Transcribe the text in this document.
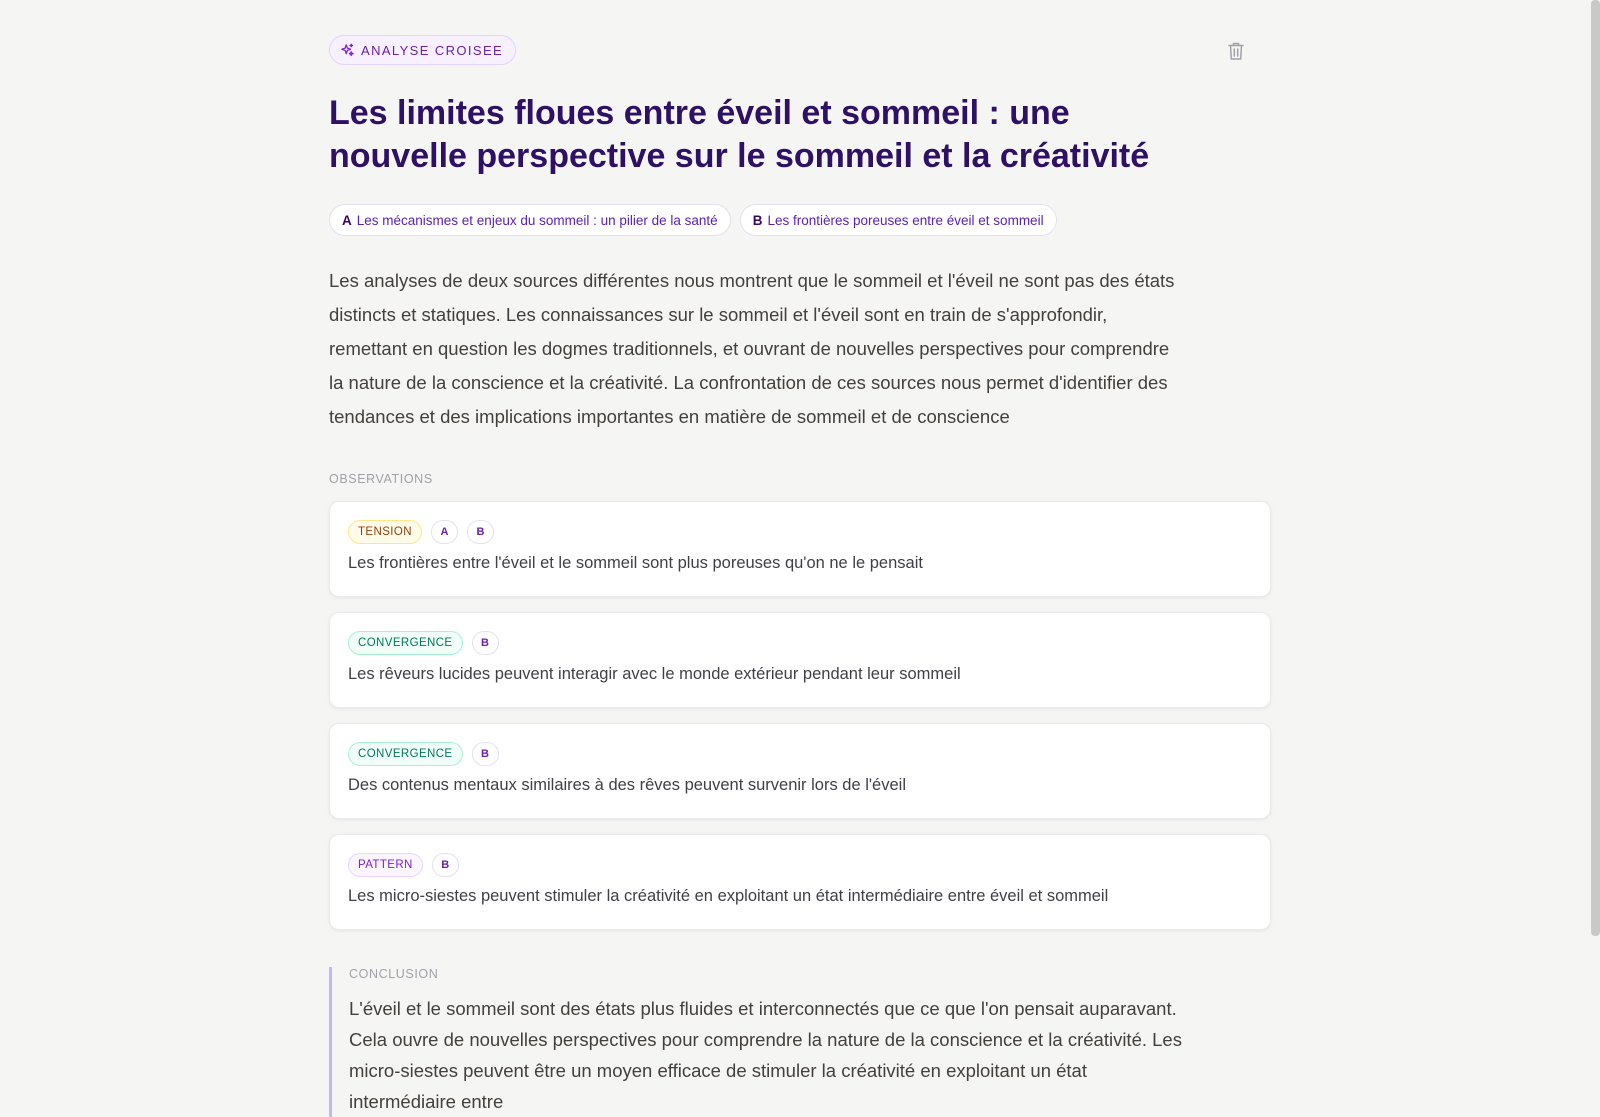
ANALYSE CROISEE
Les limites floues entre éveil et sommeil : une nouvelle perspective sur le sommeil et la créativité
A Les mécanismes et enjeux du sommeil : un pilier de la santé	B Les frontières poreuses entre éveil et sommeil
Les analyses de deux sources différentes nous montrent que le sommeil et l'éveil ne sont pas des états distincts et statiques. Les connaissances sur le sommeil et l'éveil sont en train de s'approfondir, remettant en question les dogmes traditionnels, et ouvrant de nouvelles perspectives pour comprendre la nature de la conscience et la créativité. La confrontation de ces sources nous permet d'identifier des tendances et des implications importantes en matière de sommeil et de conscience
OBSERVATIONS
TENSION	A	B
Les frontières entre l'éveil et le sommeil sont plus poreuses qu'on ne le pensait
CONVERGENCE	B
Les rêveurs lucides peuvent interagir avec le monde extérieur pendant leur sommeil
CONVERGENCE	B
Des contenus mentaux similaires à des rêves peuvent survenir lors de l'éveil
PATTERN	B
Les micro-siestes peuvent stimuler la créativité en exploitant un état intermédiaire entre éveil et sommeil
CONCLUSION
L'éveil et le sommeil sont des états plus fluides et interconnectés que ce que l'on pensait auparavant. Cela ouvre de nouvelles perspectives pour comprendre la nature de la conscience et la créativité. Les micro-siestes peuvent être un moyen efficace de stimuler la créativité en exploitant un état intermédiaire entre
